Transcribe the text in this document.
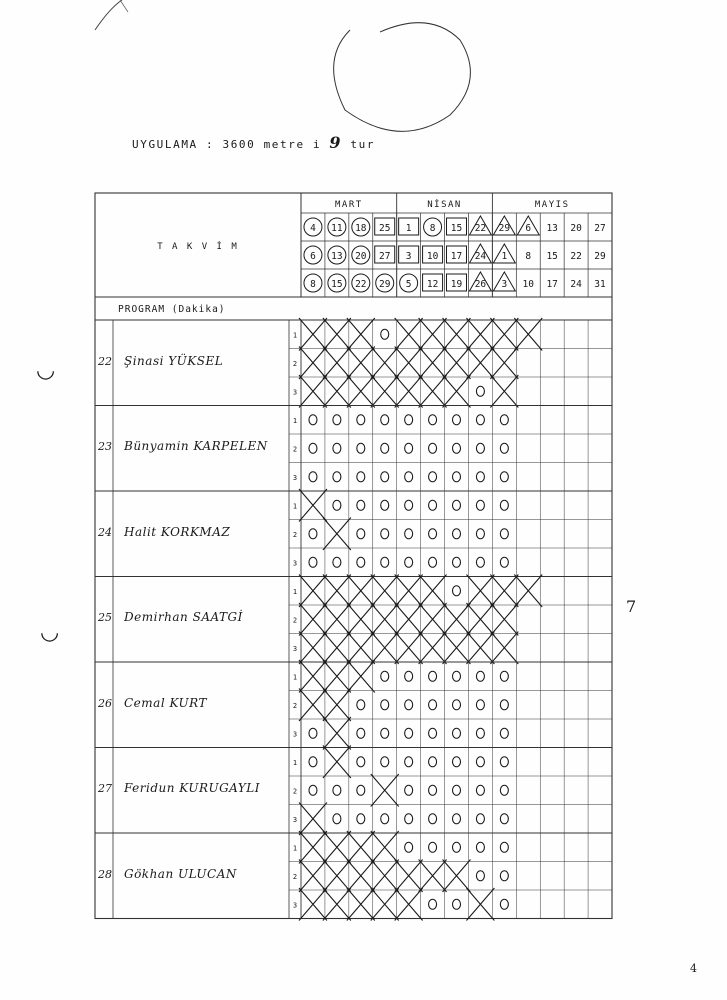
UYGULAMA : 3600 metre i 9 tur
MART	NİSAN	MAYIS
4 11 18 25 1 8 15 22 29 6 13 20 27
6 13 20 27 3 10 17 24 1 8 15 22 29
8 15 22 29 5 12 19 26 3 10 17 24 31
T A K V İ M
PROGRAM (Dakika)
1
2
3
1
2
3
1
2
3
1
2
3
1
2
3
1
2
3
1
2
3
22 Şinasi YÜKSEL
23 Bünyamin KARPELEN
24 Halit KORKMAZ
25 Demirhan SAATGİ
26 Cemal KURT
27 Feridun KURUGAYLI
28 Gökhan ULUCAN
7
4
◡
◡
